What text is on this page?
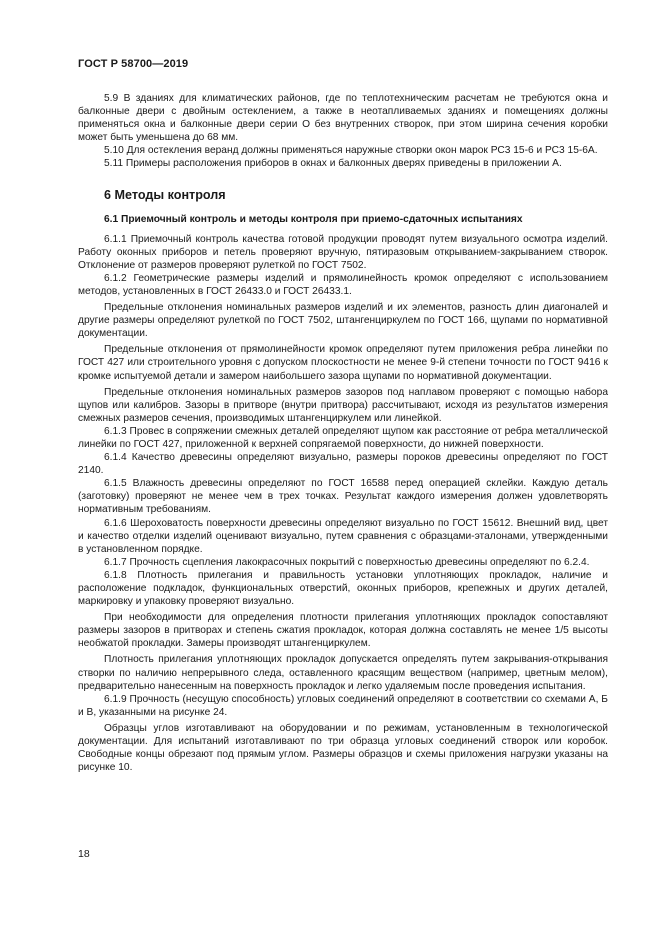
ГОСТ Р 58700—2019

5.9 В зданиях для климатических районов, где по теплотехническим расчетам не требуются окна и балконные двери с двойным остеклением, а также в неотапливаемых зданиях и помещениях должны применяться окна и балконные двери серии О без внутренних створок, при этом ширина сечения коробки может быть уменьшена до 68 мм.

5.10 Для остекления веранд должны применяться наружные створки окон марок РС3 15-6 и РС3 15-6А.

5.11 Примеры расположения приборов в окнах и балконных дверях приведены в приложении А.

6 Методы контроля
6.1 Приемочный контроль и методы контроля при приемо-сдаточных испытаниях

6.1.1 Приемочный контроль качества готовой продукции проводят путем визуального осмотра изделий. Работу оконных приборов и петель проверяют вручную, пятиразовым открыванием-закрыванием створок. Отклонение от размеров проверяют рулеткой по ГОСТ 7502.

6.1.2 Геометрические размеры изделий и прямолинейность кромок определяют с использованием методов, установленных в ГОСТ 26433.0 и ГОСТ 26433.1.

Предельные отклонения номинальных размеров изделий и их элементов, разность длин диагоналей и другие размеры определяют рулеткой по ГОСТ 7502, штангенциркулем по ГОСТ 166, щупами по нормативной документации.

Предельные отклонения от прямолинейности кромок определяют путем приложения ребра линейки по ГОСТ 427 или строительного уровня с допуском плоскостности не менее 9-й степени точности по ГОСТ 9416 к кромке испытуемой детали и замером наибольшего зазора щупами по нормативной документации.

Предельные отклонения номинальных размеров зазоров под наплавом проверяют с помощью набора щупов или калибров. Зазоры в притворе (внутри притвора) рассчитывают, исходя из результатов измерения смежных размеров сечения, производимых штангенциркулем или линейкой.

6.1.3 Провес в сопряжении смежных деталей определяют щупом как расстояние от ребра металлической линейки по ГОСТ 427, приложенной к верхней сопрягаемой поверхности, до нижней поверхности.

6.1.4 Качество древесины определяют визуально, размеры пороков древесины определяют по ГОСТ 2140.

6.1.5 Влажность древесины определяют по ГОСТ 16588 перед операцией склейки. Каждую деталь (заготовку) проверяют не менее чем в трех точках. Результат каждого измерения должен удовлетворять нормативным требованиям.

6.1.6 Шероховатость поверхности древесины определяют визуально по ГОСТ 15612. Внешний вид, цвет и качество отделки изделий оценивают визуально, путем сравнения с образцами-эталонами, утвержденными в установленном порядке.

6.1.7 Прочность сцепления лакокрасочных покрытий с поверхностью древесины определяют по 6.2.4.

6.1.8 Плотность прилегания и правильность установки уплотняющих прокладок, наличие и расположение подкладок, функциональных отверстий, оконных приборов, крепежных и других деталей, маркировку и упаковку проверяют визуально.

При необходимости для определения плотности прилегания уплотняющих прокладок сопоставляют размеры зазоров в притворах и степень сжатия прокладок, которая должна составлять не менее 1/5 высоты необжатой прокладки. Замеры производят штангенциркулем.

Плотность прилегания уплотняющих прокладок допускается определять путем закрывания-открывания створки по наличию непрерывного следа, оставленного красящим веществом (например, цветным мелом), предварительно нанесенным на поверхность прокладок и легко удаляемым после проведения испытания.

6.1.9 Прочность (несущую способность) угловых соединений определяют в соответствии со схемами А, Б и В, указанными на рисунке 24.

Образцы углов изготавливают на оборудовании и по режимам, установленным в технологической документации. Для испытаний изготавливают по три образца угловых соединений створок или коробок. Свободные концы обрезают под прямым углом. Размеры образцов и схемы приложения нагрузки указаны на рисунке 10.

18
